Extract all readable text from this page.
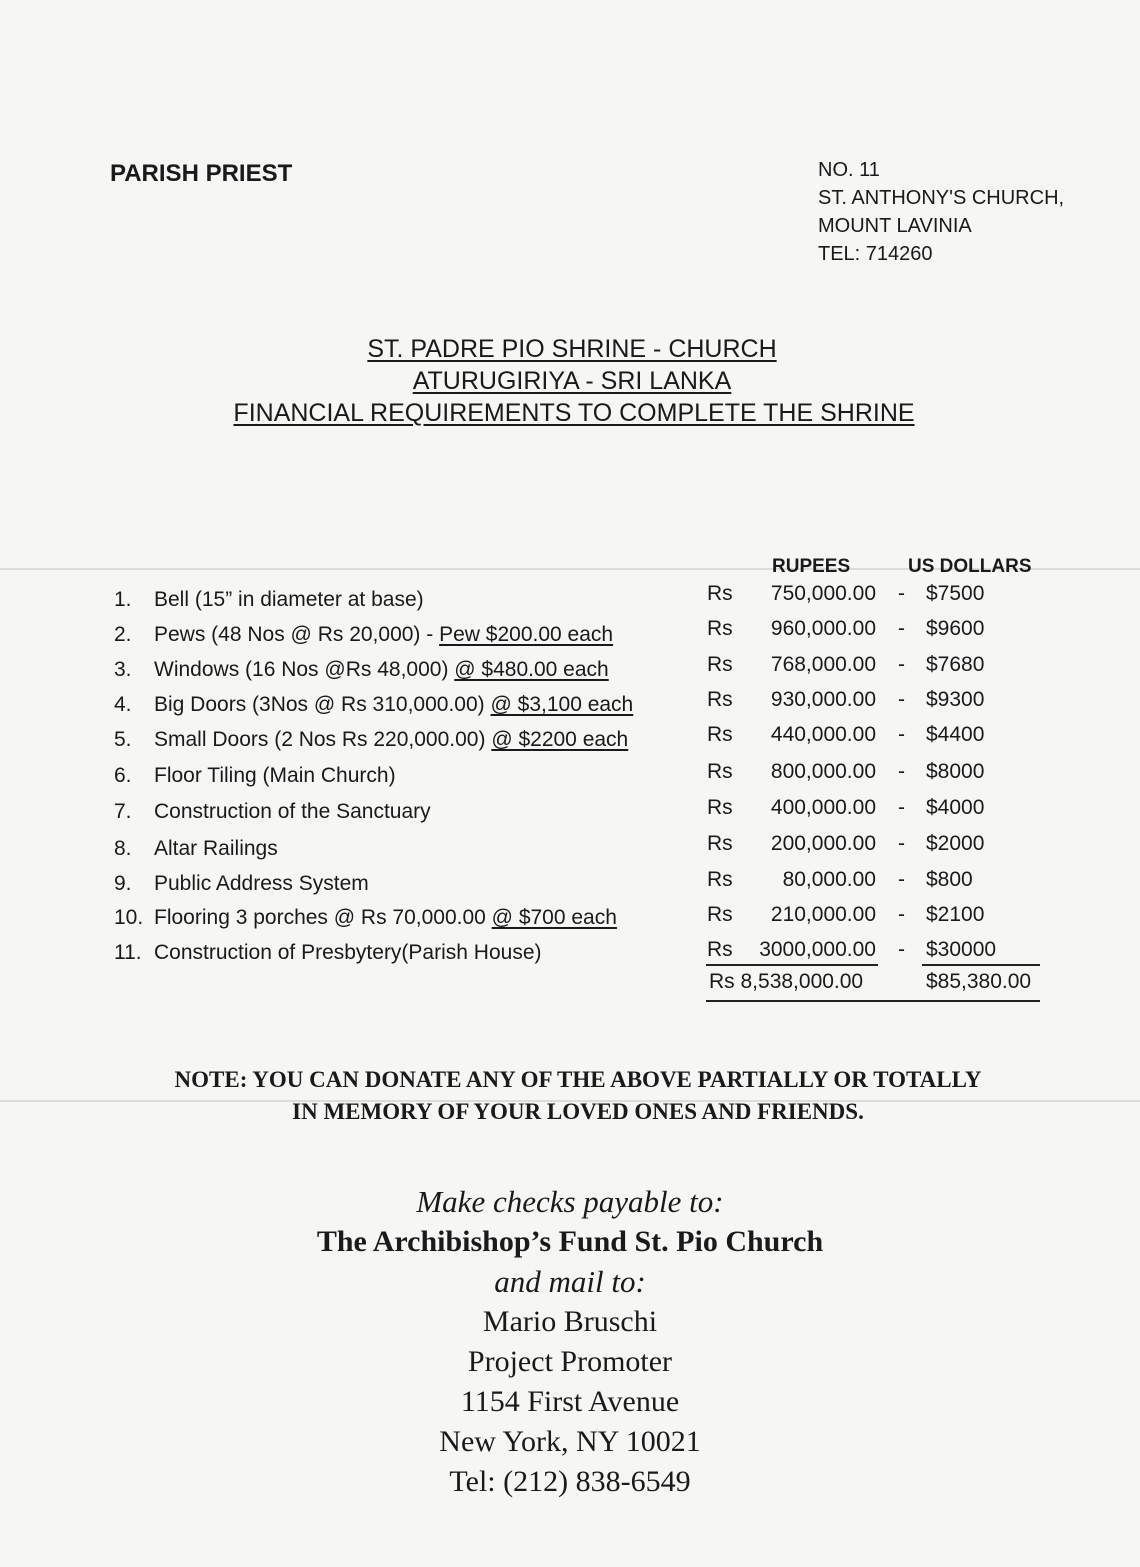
PARISH PRIEST	NO. 11
ST. ANTHONY'S CHURCH,
MOUNT LAVINIA
TEL: 714260
ST. PADRE PIO SHRINE - CHURCH
ATURUGIRIYA - SRI LANKA
FINANCIAL REQUIREMENTS TO COMPLETE THE SHRINE
RUPEES	US DOLLARS
1.	Bell (15” in diameter at base)	Rs 750,000.00 - $7500
2.	Pews (48 Nos @ Rs 20,000) - Pew $200.00 each	Rs 960,000.00 - $9600
3.	Windows (16 Nos @Rs 48,000) @ $480.00 each	Rs 768,000.00 - $7680
4.	Big Doors (3Nos @ Rs 310,000.00) @ $3,100 each	Rs 930,000.00 - $9300
5.	Small Doors (2 Nos Rs 220,000.00) @ $2200 each	Rs 440,000.00 - $4400
6.	Floor Tiling (Main Church)	Rs 800,000.00 - $8000
7.	Construction of the Sanctuary	Rs 400,000.00 - $4000
8.	Altar Railings	Rs 200,000.00 - $2000
9.	Public Address System	Rs 80,000.00 - $800
10. Flooring 3 porches @ Rs 70,000.00 @ $700 each	Rs 210,000.00 - $2100
11. Construction of Presbytery(Parish House)	Rs 3000,000.00 - $30000
Rs 8,538,000.00	$85,380.00
NOTE: YOU CAN DONATE ANY OF THE ABOVE PARTIALLY OR TOTALLY
IN MEMORY OF YOUR LOVED ONES AND FRIENDS.
Make checks payable to:
The Archibishop’s Fund St. Pio Church
and mail to:
Mario Bruschi
Project Promoter
1154 First Avenue
New York, NY 10021
Tel: (212) 838-6549
